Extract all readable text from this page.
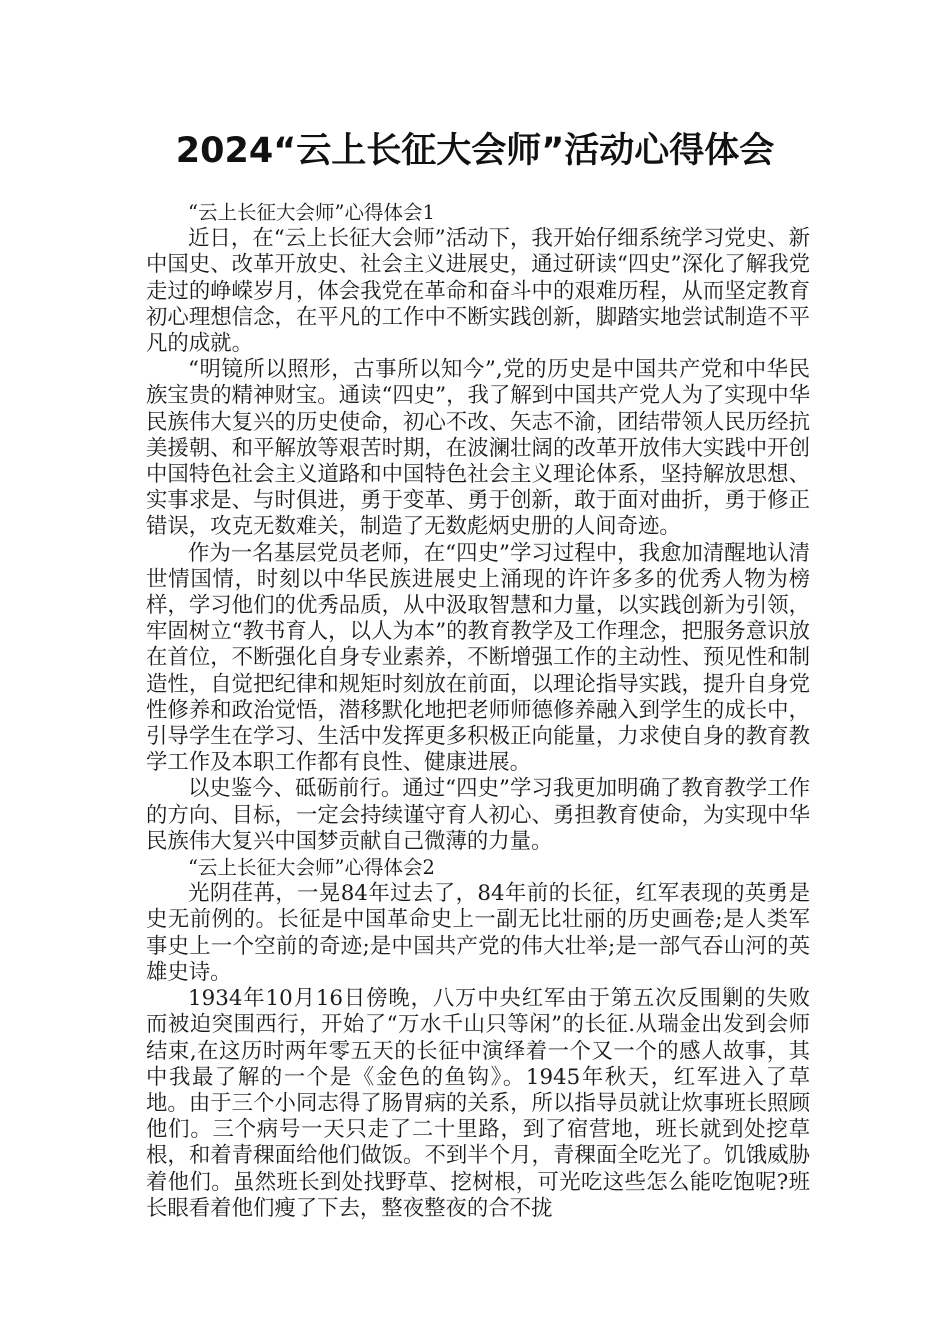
2024“云上长征大会师”活动心得体会

“云上长征大会师”心得体会1

近日，在“云上长征大会师”活动下，我开始仔细系统学习党史、新中国史、改革开放史、社会主义进展史，通过研读“四史”深化了解我党走过的峥嵘岁月，体会我党在革命和奋斗中的艰难历程，从而坚定教育初心理想信念，在平凡的工作中不断实践创新，脚踏实地尝试制造不平凡的成就。

“明镜所以照形，古事所以知今”,党的历史是中国共产党和中华民族宝贵的精神财宝。通读“四史”，我了解到中国共产党人为了实现中华民族伟大复兴的历史使命，初心不改、矢志不渝，团结带领人民历经抗美援朝、和平解放等艰苦时期，在波澜壮阔的改革开放伟大实践中开创中国特色社会主义道路和中国特色社会主义理论体系，坚持解放思想、实事求是、与时俱进，勇于变革、勇于创新，敢于面对曲折，勇于修正错误，攻克无数难关，制造了无数彪炳史册的人间奇迹。

作为一名基层党员老师，在“四史”学习过程中，我愈加清醒地认清世情国情，时刻以中华民族进展史上涌现的许许多多的优秀人物为榜样，学习他们的优秀品质，从中汲取智慧和力量，以实践创新为引领，牢固树立“教书育人，以人为本”的教育教学及工作理念，把服务意识放在首位，不断强化自身专业素养，不断增强工作的主动性、预见性和制造性，自觉把纪律和规矩时刻放在前面，以理论指导实践，提升自身党性修养和政治觉悟，潜移默化地把老师师德修养融入到学生的成长中，引导学生在学习、生活中发挥更多积极正向能量，力求使自身的教育教学工作及本职工作都有良性、健康进展。

以史鉴今、砥砺前行。通过“四史”学习我更加明确了教育教学工作的方向、目标，一定会持续谨守育人初心、勇担教育使命，为实现中华民族伟大复兴中国梦贡献自己微薄的力量。

“云上长征大会师”心得体会2

光阴荏苒，一晃84年过去了，84年前的长征，红军表现的英勇是史无前例的。长征是中国革命史上一副无比壮丽的历史画卷;是人类军事史上一个空前的奇迹;是中国共产党的伟大壮举;是一部气吞山河的英雄史诗。

1934年10月16日傍晚，八万中央红军由于第五次反围剿的失败而被迫突围西行，开始了“万水千山只等闲”的长征.从瑞金出发到会师结束,在这历时两年零五天的长征中演绎着一个又一个的感人故事，其中我最了解的一个是《金色的鱼钩》。1945年秋天，红军进入了草地。由于三个小同志得了肠胃病的关系，所以指导员就让炊事班长照顾他们。三个病号一天只走了二十里路，到了宿营地，班长就到处挖草根，和着青稞面给他们做饭。不到半个月，青稞面全吃光了。饥饿威胁着他们。虽然班长到处找野草、挖树根，可光吃这些怎么能吃饱呢?班长眼看着他们瘦了下去，整夜整夜的合不拢
